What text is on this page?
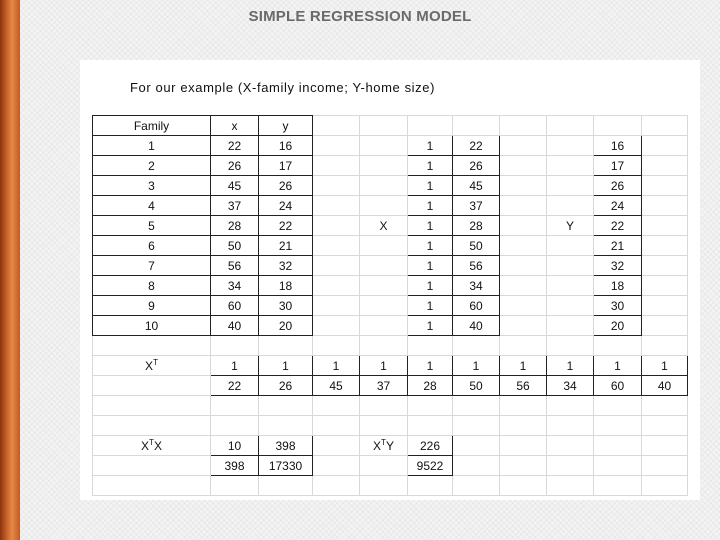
SIMPLE REGRESSION MODEL
For our example (X-family income; Y-home size)
Family	x	y								
1	22	16			1	22			16	
2	26	17			1	26			17	
3	45	26			1	45			26	
4	37	24			1	37			24	
5	28	22		X	1	28		Y	22	
6	50	21			1	50			21	
7	56	32			1	56			32	
8	34	18			1	34			18	
9	60	30			1	60			30	
10	40	20			1	40			20	

$X^T$	1	1	1	1	1	1	1	1	1	1
	22	26	45	37	28	50	56	34	60	40

$X^TX$	10	398		$X^TY$	226					
	398	17330			9522					
